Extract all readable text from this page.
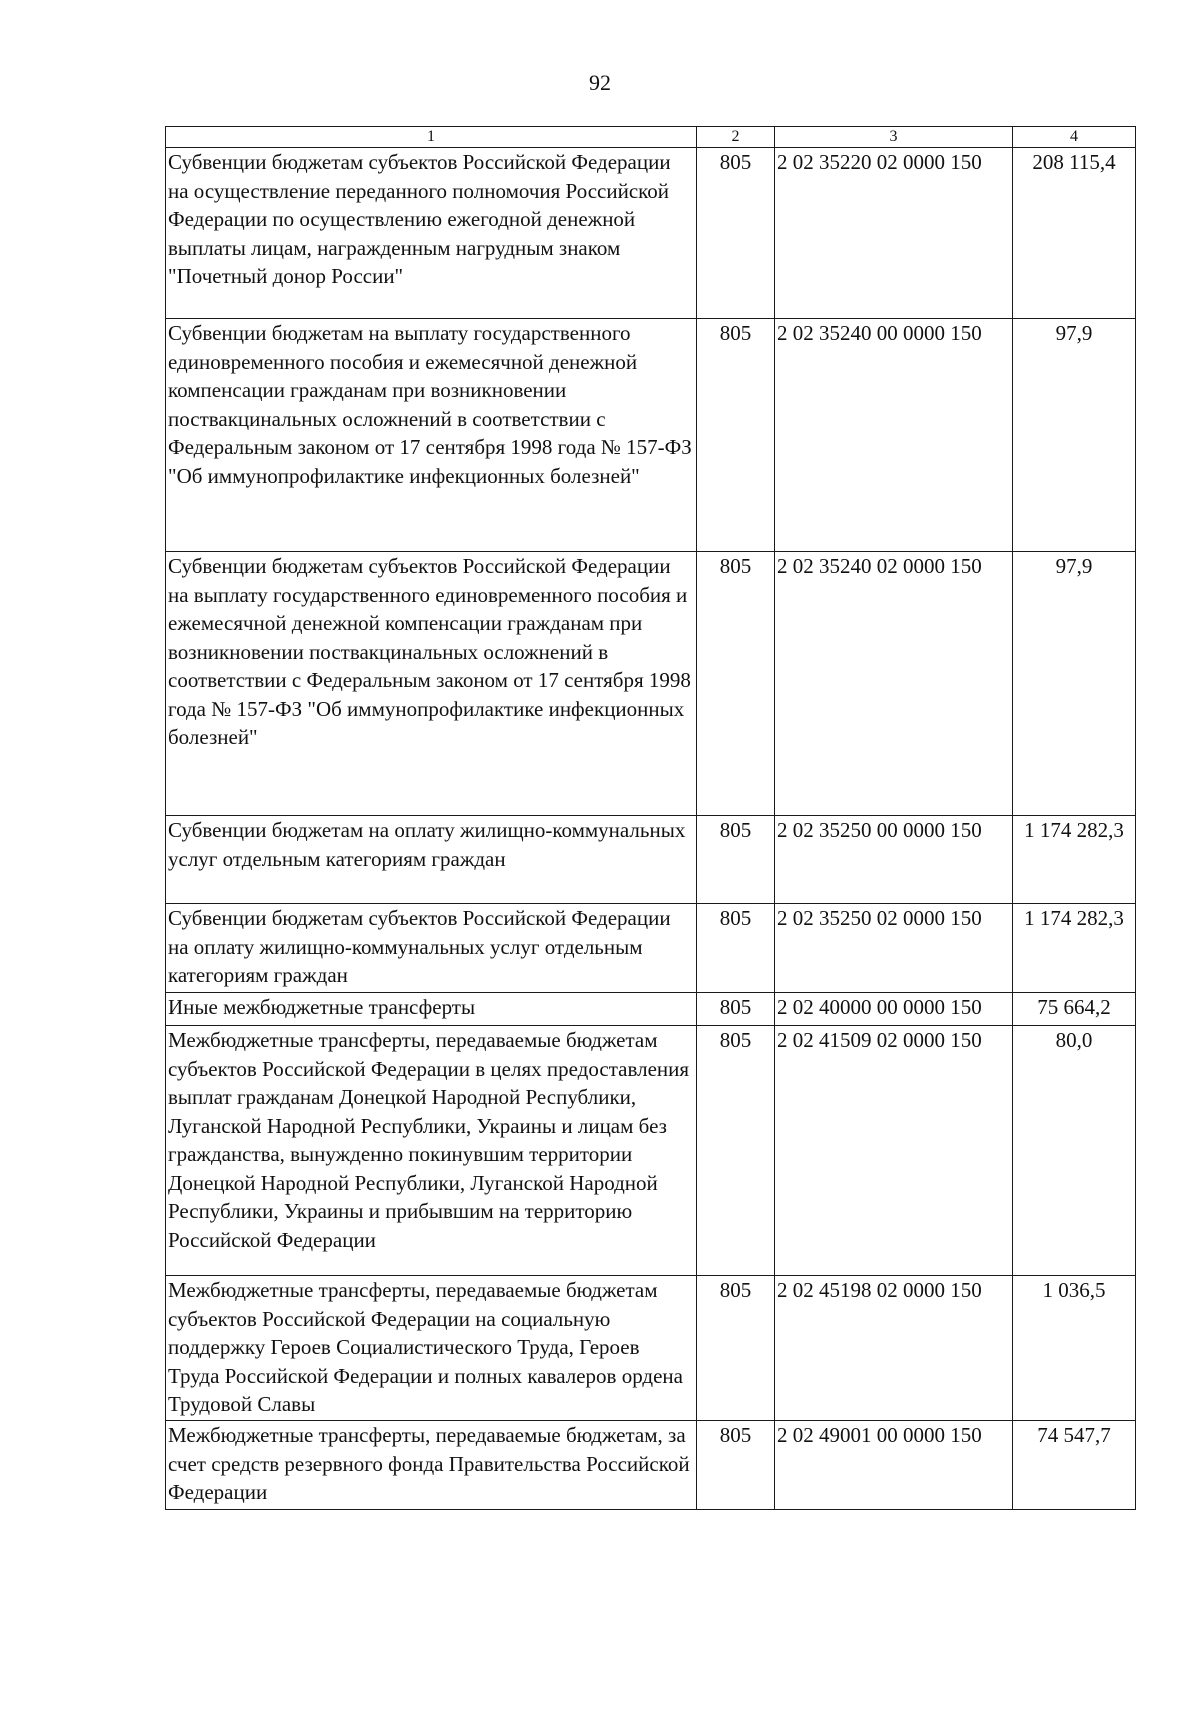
92
1	2	3	4
Субвенции бюджетам субъектов Российской Федерации на осуществление переданного полномочия Российской Федерации по осуществлению ежегодной денежной выплаты лицам, награжденным нагрудным знаком "Почетный донор России"	805	2 02 35220 02 0000 150	208 115,4
Субвенции бюджетам на выплату государственного единовременного пособия и ежемесячной денежной компенсации гражданам при возникновении поствакцинальных осложнений в соответствии с Федеральным законом от 17 сентября 1998 года № 157-ФЗ "Об иммунопрофилактике инфекционных болезней"	805	2 02 35240 00 0000 150	97,9
Субвенции бюджетам субъектов Российской Федерации на выплату государственного единовременного пособия и ежемесячной денежной компенсации гражданам при возникновении поствакцинальных осложнений в соответствии с Федеральным законом от 17 сентября 1998 года № 157-ФЗ "Об иммунопрофилактике инфекционных болезней"	805	2 02 35240 02 0000 150	97,9
Субвенции бюджетам на оплату жилищно-коммунальных услуг отдельным категориям граждан	805	2 02 35250 00 0000 150	1 174 282,3
Субвенции бюджетам субъектов Российской Федерации на оплату жилищно-коммунальных услуг отдельным категориям граждан	805	2 02 35250 02 0000 150	1 174 282,3
Иные межбюджетные трансферты	805	2 02 40000 00 0000 150	75 664,2
Межбюджетные трансферты, передаваемые бюджетам субъектов Российской Федерации в целях предоставления выплат гражданам Донецкой Народной Республики, Луганской Народной Республики, Украины и лицам без гражданства, вынужденно покинувшим территории Донецкой Народной Республики, Луганской Народной Республики, Украины и прибывшим на территорию Российской Федерации	805	2 02 41509 02 0000 150	80,0
Межбюджетные трансферты, передаваемые бюджетам субъектов Российской Федерации на социальную поддержку Героев Социалистического Труда, Героев Труда Российской Федерации и полных кавалеров ордена Трудовой Славы	805	2 02 45198 02 0000 150	1 036,5
Межбюджетные трансферты, передаваемые бюджетам, за счет средств резервного фонда Правительства Российской Федерации	805	2 02 49001 00 0000 150	74 547,7
